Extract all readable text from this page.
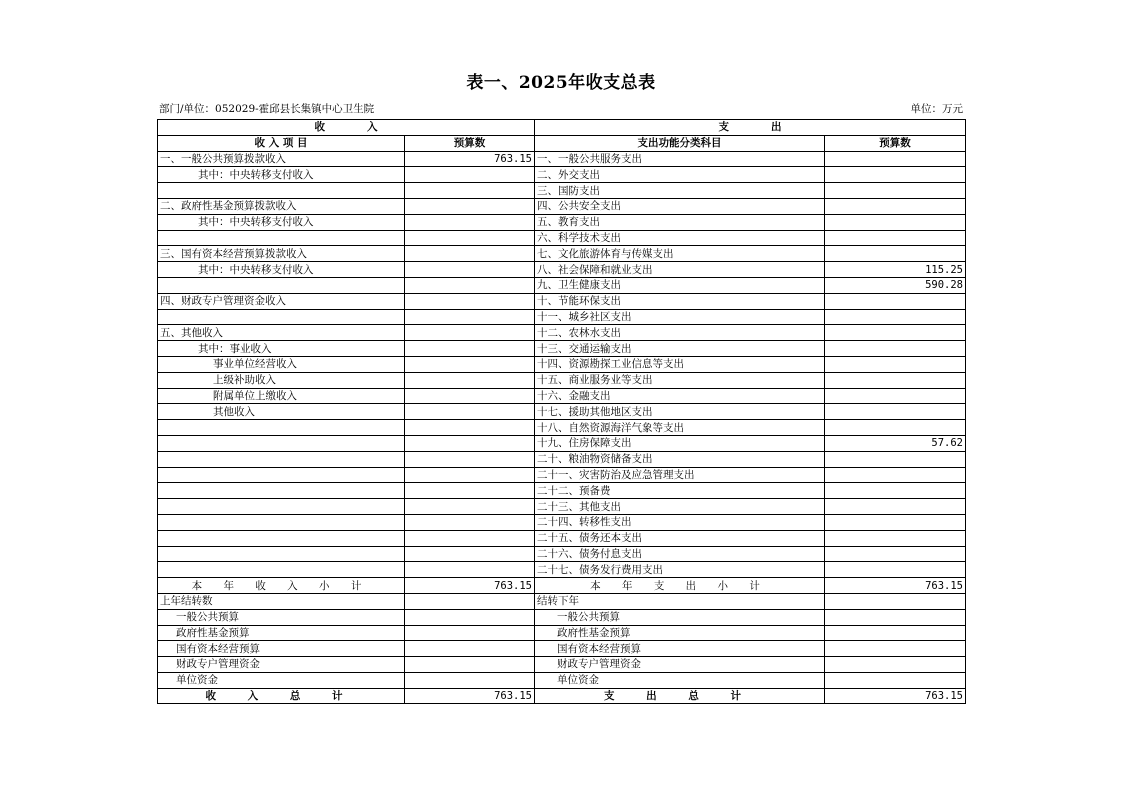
表一、2025年收支总表
部门/单位：052029-霍邱县长集镇中心卫生院	单位：万元
收　　　　入		支　　　　出	
收 入 项 目	预算数	支出功能分类科目	预算数
一、一般公共预算拨款收入	763.15	一、一般公共服务支出	
其中：中央转移支付收入		二、外交支出	
		三、国防支出	
二、政府性基金预算拨款收入		四、公共安全支出	
其中：中央转移支付收入		五、教育支出	
		六、科学技术支出	
三、国有资本经营预算拨款收入		七、文化旅游体育与传媒支出	
其中：中央转移支付收入		八、社会保障和就业支出	115.25
		九、卫生健康支出	590.28
四、财政专户管理资金收入		十、节能环保支出	
		十一、城乡社区支出	
五、其他收入		十二、农林水支出	
其中：事业收入		十三、交通运输支出	
事业单位经营收入		十四、资源勘探工业信息等支出	
上级补助收入		十五、商业服务业等支出	
附属单位上缴收入		十六、金融支出	
其他收入		十七、援助其他地区支出	
		十八、自然资源海洋气象等支出	
		十九、住房保障支出	57.62
		二十、粮油物资储备支出	
		二十一、灾害防治及应急管理支出	
		二十二、预备费	
		二十三、其他支出	
		二十四、转移性支出	
		二十五、债务还本支出	
		二十六、债务付息支出	
		二十七、债务发行费用支出	
本 年 收 入 小 计	763.15	本 年 支 出 小 计	763.15
上年结转数		结转下年	
一般公共预算		一般公共预算	
政府性基金预算		政府性基金预算	
国有资本经营预算		国有资本经营预算	
财政专户管理资金		财政专户管理资金	
单位资金		单位资金	
收 入 总 计	763.15	支 出 总 计	763.15
